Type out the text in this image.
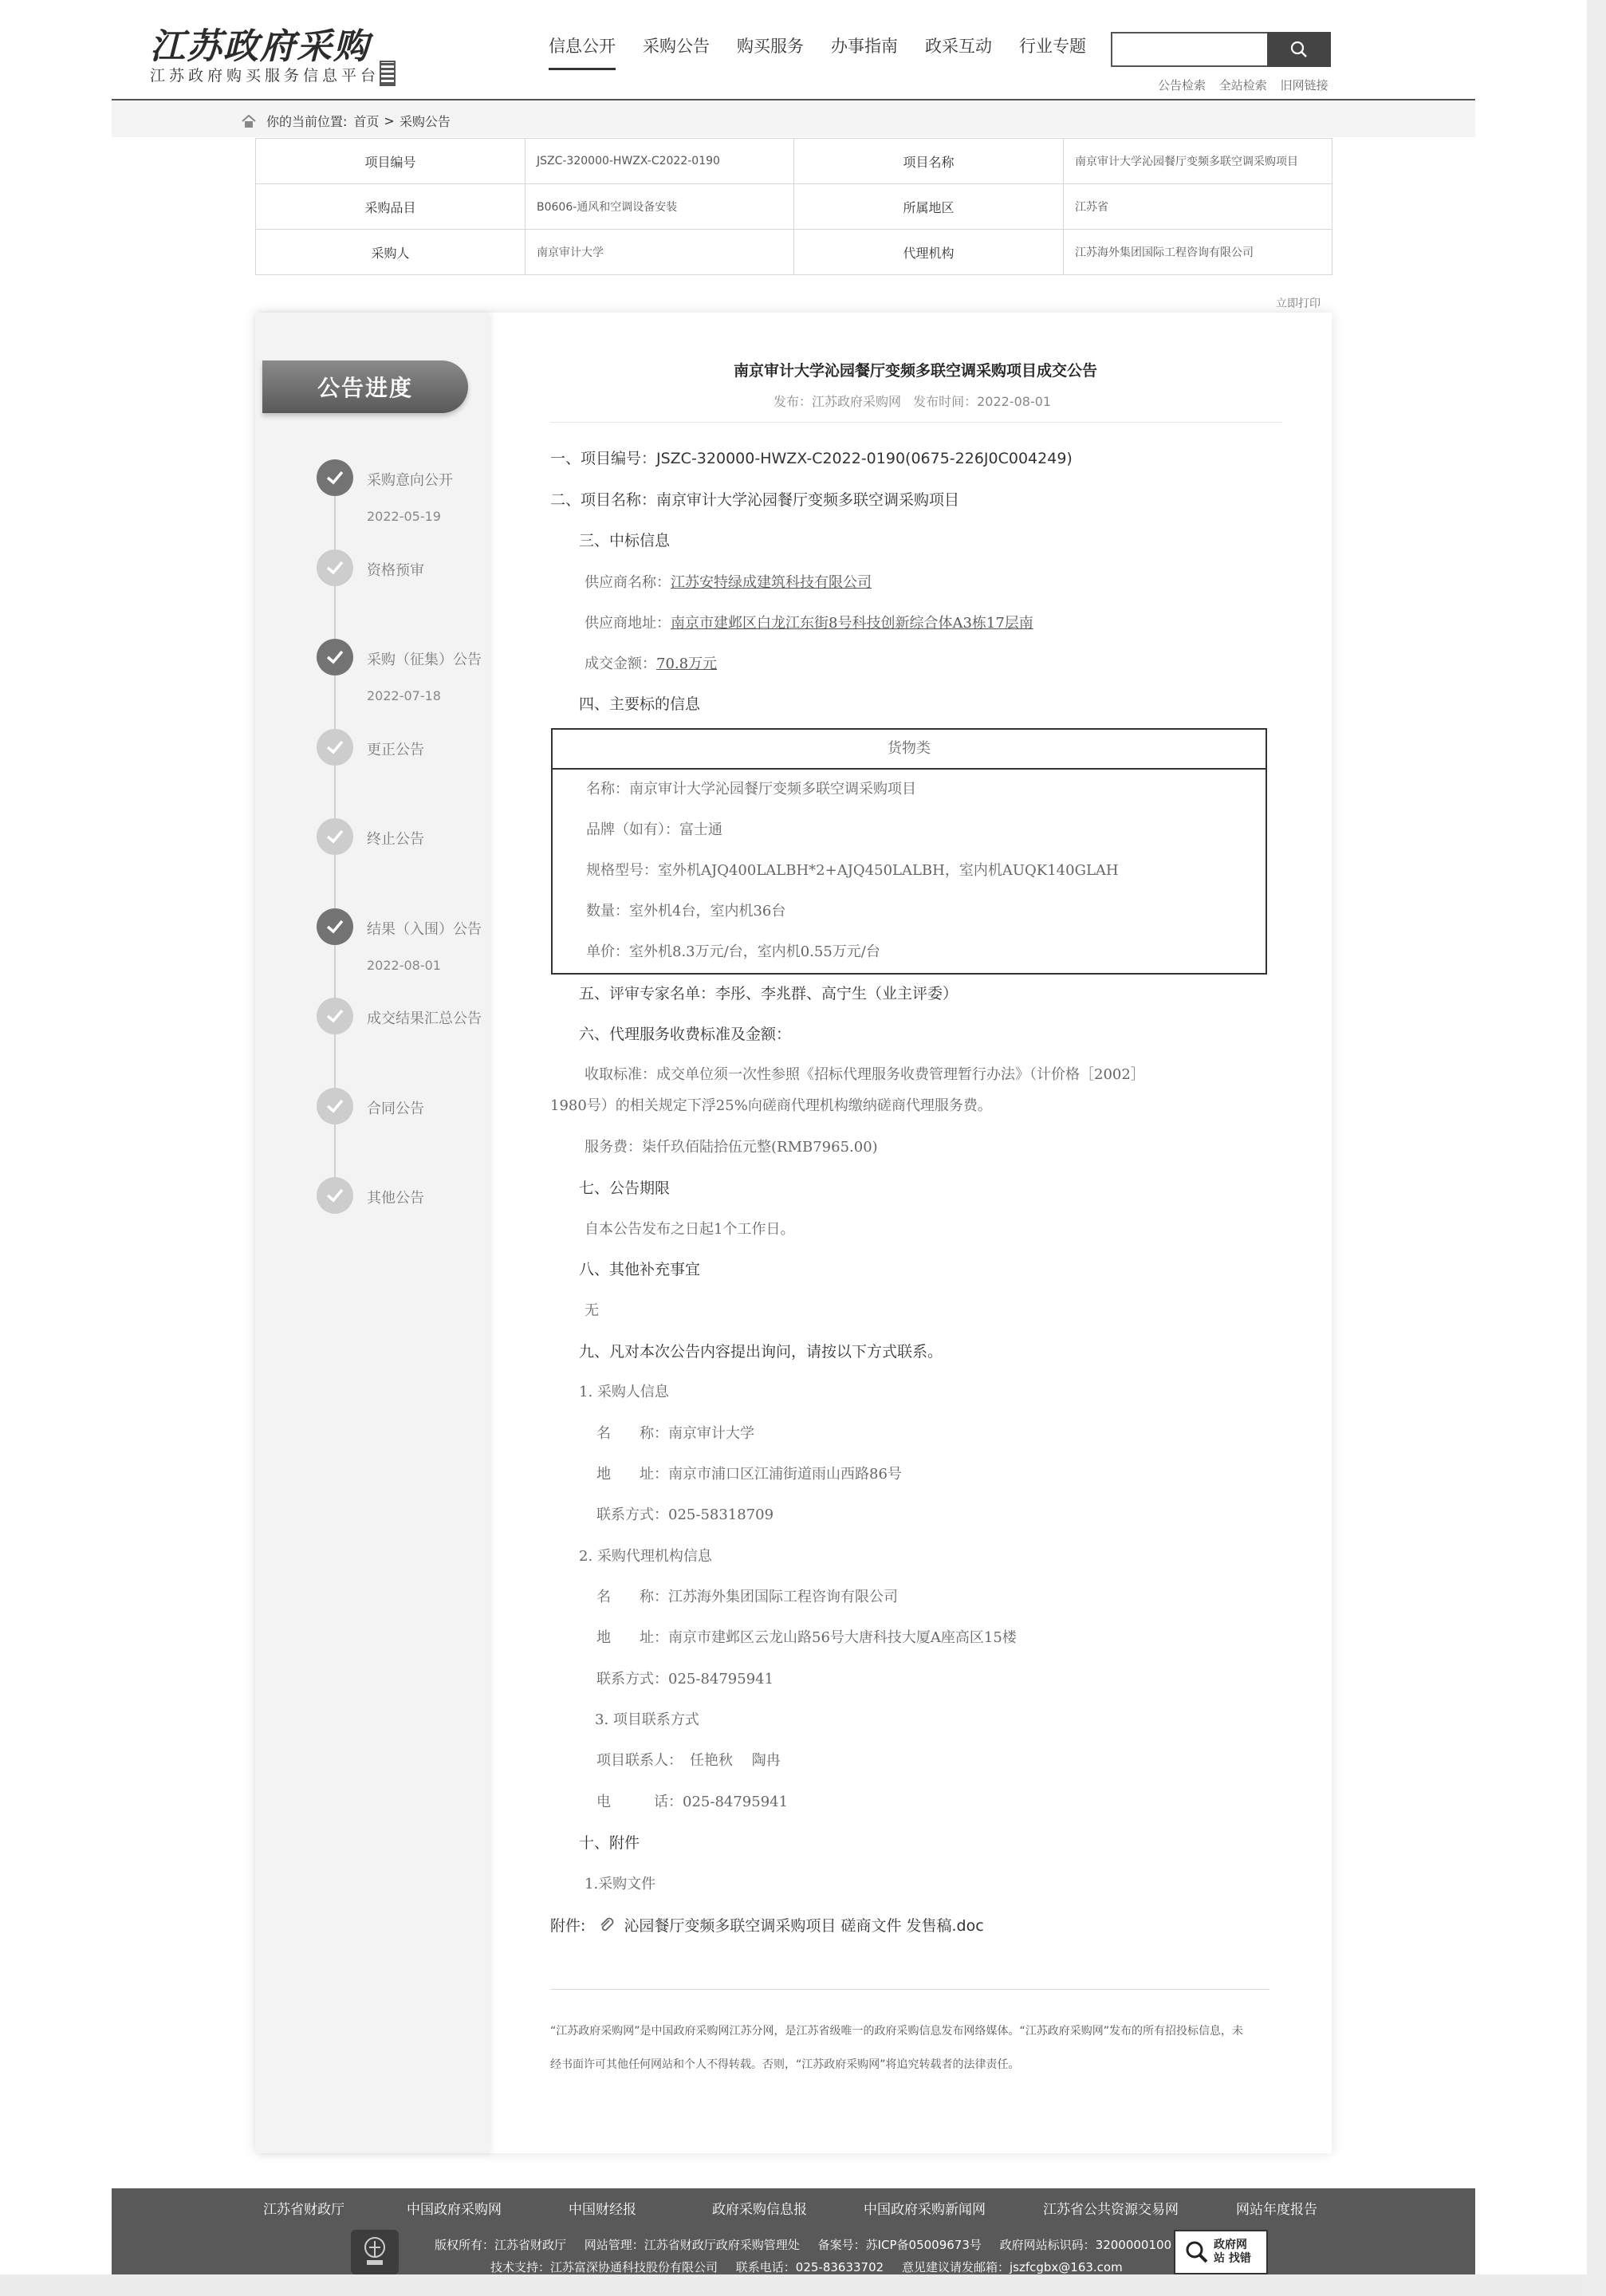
江苏政府采购
江苏政府购买服务信息平台
信息公开 采购公告 购买服务 办事指南 政采互动 行业专题
公告检索 全站检索 旧网链接
你的当前位置: 首页 > 采购公告
项目编号	JSZC-320000-HWZX-C2022-0190	项目名称	南京审计大学沁园餐厅变频多联空调采购项目
采购品目	B0606-通风和空调设备安装	所属地区	江苏省
采购人	南京审计大学	代理机构	江苏海外集团国际工程咨询有限公司
立即打印
公告进度
采购意向公开
2022-05-19
资格预审
采购（征集）公告
2022-07-18
更正公告
终止公告
结果（入围）公告
2022-08-01
成交结果汇总公告
合同公告
其他公告
南京审计大学沁园餐厅变频多联空调采购项目成交公告
发布：江苏政府采购网 发布时间：2022-08-01
一、项目编号：JSZC-320000-HWZX-C2022-0190(0675-226J0C004249)
二、项目名称：南京审计大学沁园餐厅变频多联空调采购项目
三、中标信息
供应商名称：江苏安特绿成建筑科技有限公司
供应商地址：南京市建邺区白龙江东街8号科技创新综合体A3栋17层南
成交金额：70.8万元
四、主要标的信息
货物类
名称：南京审计大学沁园餐厅变频多联空调采购项目
品牌（如有）：富士通
规格型号：室外机AJQ400LALBH*2+AJQ450LALBH，室内机AUQK140GLAH
数量：室外机4台，室内机36台
单价：室外机8.3万元/台，室内机0.55万元/台
五、评审专家名单：李彤、李兆群、高宁生（业主评委）
六、代理服务收费标准及金额：
收取标准：成交单位须一次性参照《招标代理服务收费管理暂行办法》（计价格［2002］
1980号）的相关规定下浮25%向磋商代理机构缴纳磋商代理服务费。
服务费：柒仟玖佰陆拾伍元整(RMB7965.00)
七、公告期限
自本公告发布之日起1个工作日。
八、其他补充事宜
无
九、凡对本次公告内容提出询问，请按以下方式联系。
1. 采购人信息
名　　称：南京审计大学
地　　址：南京市浦口区江浦街道雨山西路86号
联系方式：025-58318709
2. 采购代理机构信息
名　　称：江苏海外集团国际工程咨询有限公司
地　　址：南京市建邺区云龙山路56号大唐科技大厦A座高区15楼
联系方式：025-84795941
3. 项目联系方式
项目联系人：　任艳秋　 陶冉
电　　　话：025-84795941
十、附件
1.采购文件
附件:	沁园餐厅变频多联空调采购项目 磋商文件 发售稿.doc
“江苏政府采购网”是中国政府采购网江苏分网，是江苏省级唯一的政府采购信息发布网络媒体。“江苏政府采购网”发布的所有招投标信息，未
经书面许可其他任何网站和个人不得转载。否则，“江苏政府采购网”将追究转载者的法律责任。
江苏省财政厅	中国政府采购网	中国财经报	政府采购信息报	中国政府采购新闻网	江苏省公共资源交易网	网站年度报告
版权所有：江苏省财政厅 网站管理：江苏省财政厅政府采购管理处 备案号：苏ICP备05009673号 政府网站标识码：3200000100
技术支持：江苏富深协通科技股份有限公司 联系电话：025-83633702 意见建议请发邮箱：jszfcgbx@163.com
政府网站 找错
